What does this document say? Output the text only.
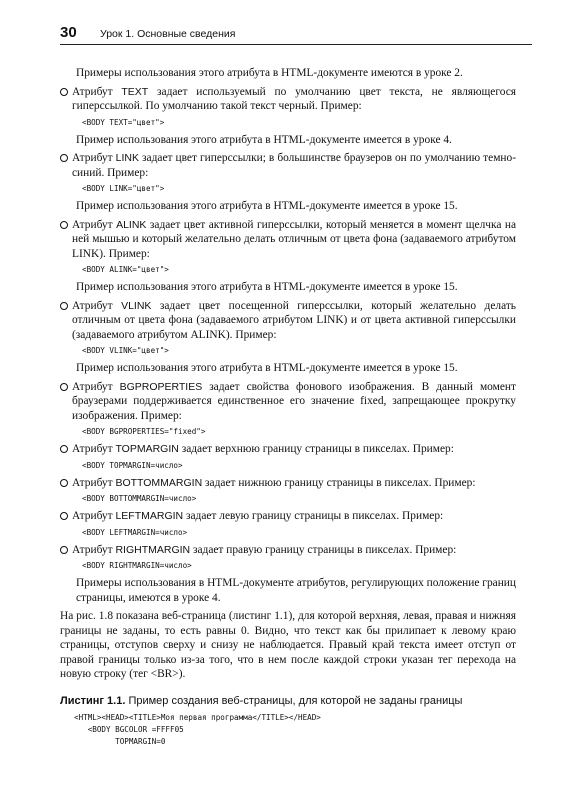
30	Урок 1. Основные сведения

Примеры использования этого атрибута в HTML-документе имеются в уроке 2.

Атрибут TEXT задает используемый по умолчанию цвет текста, не являющегося гиперссылкой. По умолчанию такой текст черный. Пример:
<BODY TEXT="цвет">

Пример использования этого атрибута в HTML-документе имеется в уроке 4.

Атрибут LINK задает цвет гиперссылки; в большинстве браузеров он по умолчанию темно-синий. Пример:
<BODY LINK="цвет">

Пример использования этого атрибута в HTML-документе имеется в уроке 15.

Атрибут ALINK задает цвет активной гиперссылки, который меняется в момент щелчка на ней мышью и который желательно делать отличным от цвета фона (задаваемого атрибутом LINK). Пример:
<BODY ALINK="цвет">

Пример использования этого атрибута в HTML-документе имеется в уроке 15.

Атрибут VLINK задает цвет посещенной гиперссылки, который желательно делать отличным от цвета фона (задаваемого атрибутом LINK) и от цвета активной гиперссылки (задаваемого атрибутом ALINK). Пример:
<BODY VLINK="цвет">

Пример использования этого атрибута в HTML-документе имеется в уроке 15.

Атрибут BGPROPERTIES задает свойства фонового изображения. В данный момент браузерами поддерживается единственное его значение fixed, запрещающее прокрутку изображения. Пример:
<BODY BGPROPERTIES="fixed">
Атрибут TOPMARGIN задает верхнюю границу страницы в пикселах. Пример:
<BODY TOPMARGIN=число>
Атрибут BOTTOMMARGIN задает нижнюю границу страницы в пикселах. Пример:
<BODY BOTTOMMARGIN=число>
Атрибут LEFTMARGIN задает левую границу страницы в пикселах. Пример:
<BODY LEFTMARGIN=число>
Атрибут RIGHTMARGIN задает правую границу страницы в пикселах. Пример:
<BODY RIGHTMARGIN=число>

Примеры использования в HTML-документе атрибутов, регулирующих положение границ страницы, имеются в уроке 4.

На рис. 1.8 показана веб-страница (листинг 1.1), для которой верхняя, левая, правая и нижняя границы не заданы, то есть равны 0. Видно, что текст как бы прилипает к левому краю страницы, отступов сверху и снизу не наблюдается. Правый край текста имеет отступ от правой границы только из-за того, что в нем после каждой строки указан тег перехода на новую строку (тег <BR>).

Листинг 1.1. Пример создания веб-страницы, для которой не заданы границы
<HTML><HEAD><TITLE>Моя первая программа</TITLE></HEAD>
<BODY BGCOLOR =FFFF05
TOPMARGIN=0
